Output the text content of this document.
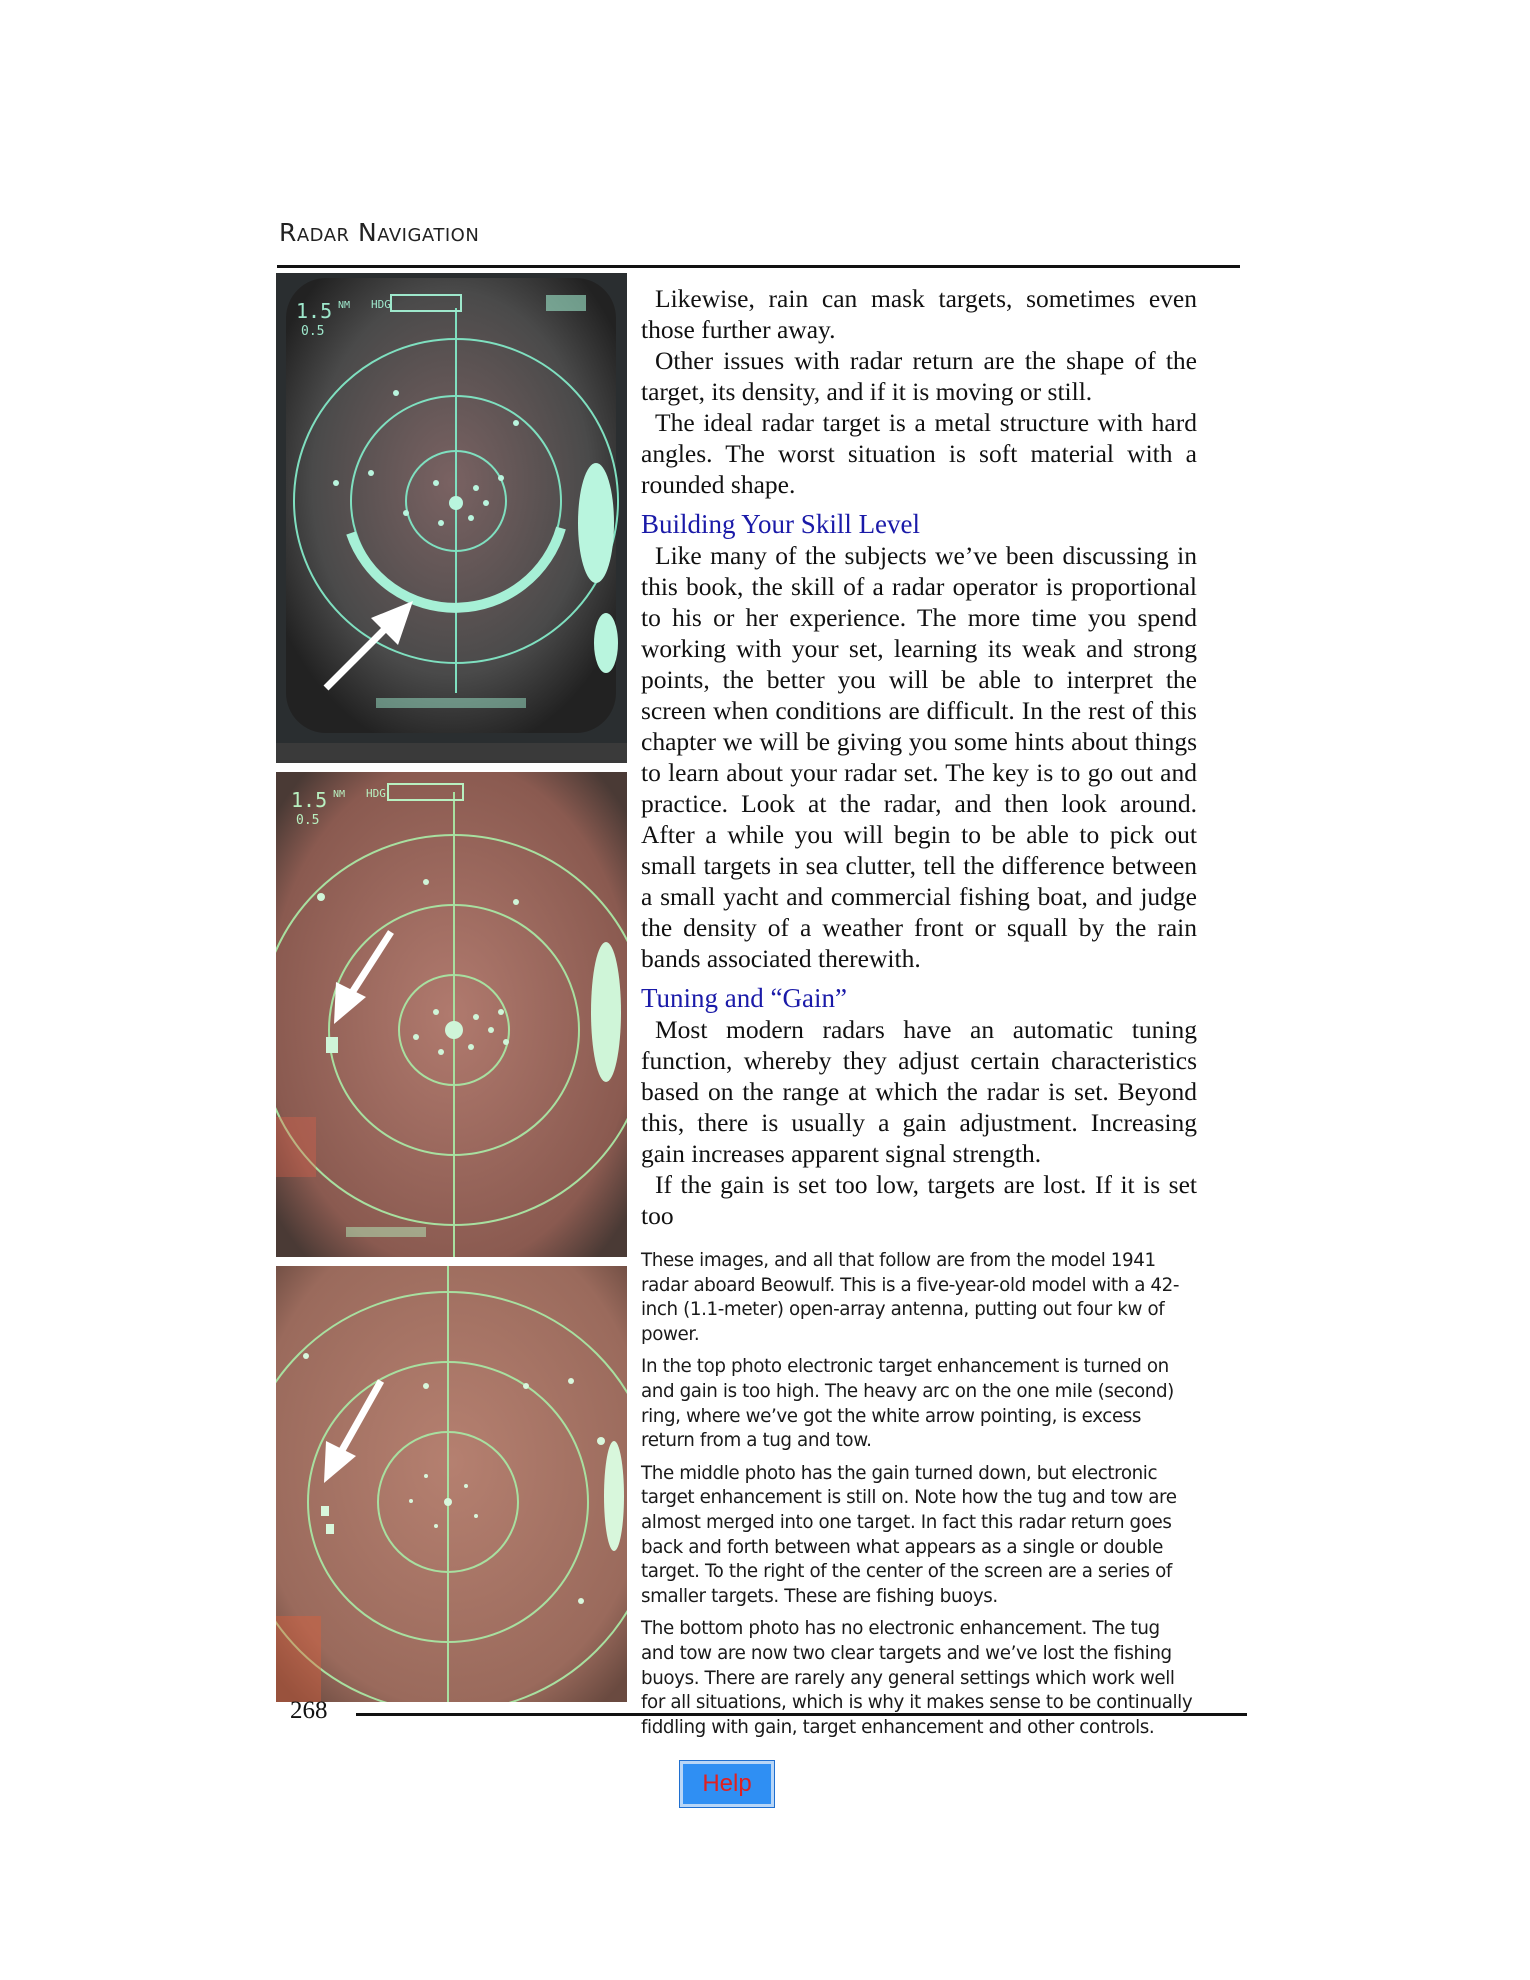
Radar Navigation
1.5 NM
0.5
HDG
1.5 NM
0.5
HDG

Likewise, rain can mask targets, sometimes even those further away.

Other issues with radar return are the shape of the target, its density, and if it is moving or still.

The ideal radar target is a metal structure with hard angles. The worst situation is soft material with a rounded shape.

Building Your Skill Level

Like many of the subjects we’ve been discussing in this book, the skill of a radar operator is proportional to his or her experience. The more time you spend working with your set, learning its weak and strong points, the better you will be able to interpret the screen when conditions are difficult. In the rest of this chapter we will be giving you some hints about things to learn about your radar set. The key is to go out and practice. Look at the radar, and then look around. After a while you will begin to be able to pick out small targets in sea clutter, tell the difference between a small yacht and commercial fishing boat, and judge the density of a weather front or squall by the rain bands associated therewith.

Tuning and “Gain”

Most modern radars have an automatic tuning function, whereby they adjust certain characteristics based on the range at which the radar is set. Beyond this, there is usually a gain adjustment. Increasing gain increases apparent signal strength.

If the gain is set too low, targets are lost. If it is set too

These images, and all that follow are from the model 1941 radar aboard Beowulf. This is a five-year-old model with a 42-inch (1.1-meter) open-array antenna, putting out four kw of power.

In the top photo electronic target enhancement is turned on and gain is too high. The heavy arc on the one mile (second) ring, where we’ve got the white arrow pointing, is excess return from a tug and tow.

The middle photo has the gain turned down, but electronic target enhancement is still on. Note how the tug and tow are almost merged into one target. In fact this radar return goes back and forth between what appears as a single or double target. To the right of the center of the screen are a series of smaller targets. These are fishing buoys.

The bottom photo has no electronic enhancement. The tug and tow are now two clear targets and we’ve lost the fishing buoys. There are rarely any general settings which work well for all situations, which is why it makes sense to be continually fiddling with gain, target enhancement and other controls.

268
Help
